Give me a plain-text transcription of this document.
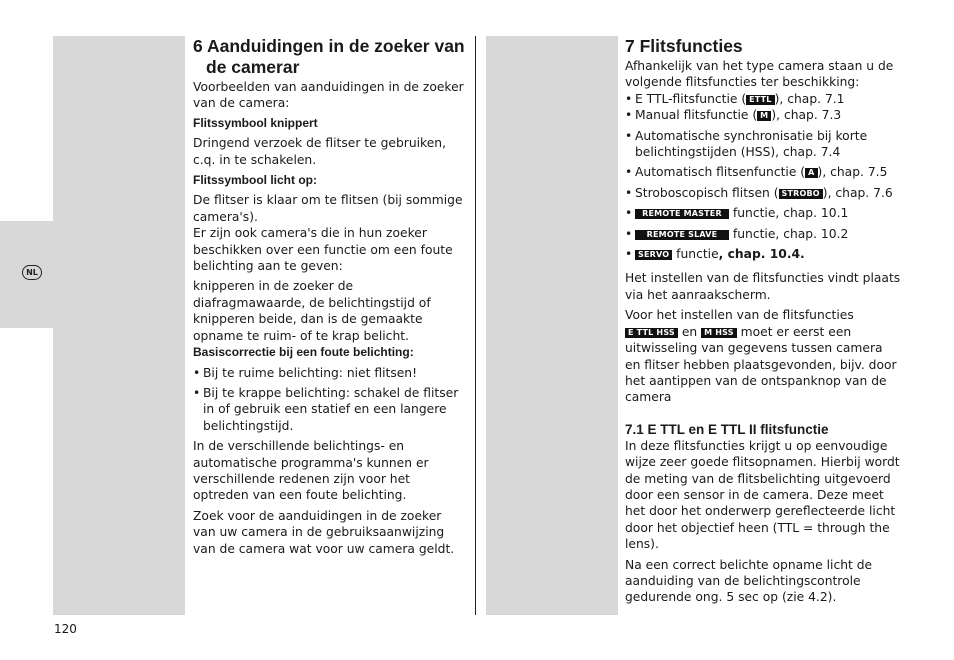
NL
6 Aanduidingen in de zoeker van de camerar

Voorbeelden van aanduidingen in de zoeker van de camera:

Flitssymbool knippert

Dringend verzoek de flitser te gebruiken, c.q. in te schakelen.

Flitssymbool licht op:

De flitser is klaar om te flitsen (bij sommige camera's).

Er zijn ook camera's die in hun zoeker beschikken over een functie om een foute belichting aan te geven:

knipperen in de zoeker de diafragmawaarde, de belichtingstijd of knipperen beide, dan is de gemaakte opname te ruim- of te krap belicht.

Basiscorrectie bij een foute belichting:

• Bij te ruime belichting: niet flitsen!
• Bij te krappe belichting: schakel de flitser in of gebruik een statief en een langere belichtingstijd.

In de verschillende belichtings- en automatische programma's kunnen er verschillende redenen zijn voor het optreden van een foute belichting.

Zoek voor de aanduidingen in de zoeker van uw camera in de gebruiksaanwijzing van de camera wat voor uw camera geldt.

7 Flitsfuncties

Afhankelijk van het type camera staan u de volgende flitsfuncties ter beschikking:

• E TTL-flitsfunctie ( ETTL ), chap. 7.1
• Manual flitsfunctie ( M ), chap. 7.3
• Automatische synchronisatie bij korte belichtingstijden (HSS), chap. 7.4
• Automatisch flitsenfunctie ( A ), chap. 7.5
• Stroboscopisch flitsen ( STROBO ), chap. 7.6
• REMOTE MASTER functie, chap. 10.1
• REMOTE SLAVE functie, chap. 10.2
• SERVO functie, chap. 10.4.

Het instellen van de flitsfuncties vindt plaats via het aanraakscherm.

Voor het instellen van de flitsfuncties
E TTL HSS en M HSS moet er eerst een uitwisseling van gegevens tussen camera en flitser hebben plaatsgevonden, bijv. door het aantippen van de ontspanknop van de camera

7.1 E TTL en E TTL II flitsfunctie

In deze flitsfuncties krijgt u op eenvoudige wijze zeer goede flitsopnamen. Hierbij wordt de meting van de flitsbelichting uitgevoerd door een sensor in de camera. Deze meet het door het onderwerp gereflecteerde licht door het objectief heen (TTL = through the lens).

Na een correct belichte opname licht de aanduiding van de belichtingscontrole gedurende ong. 5 sec op (zie 4.2).

120
